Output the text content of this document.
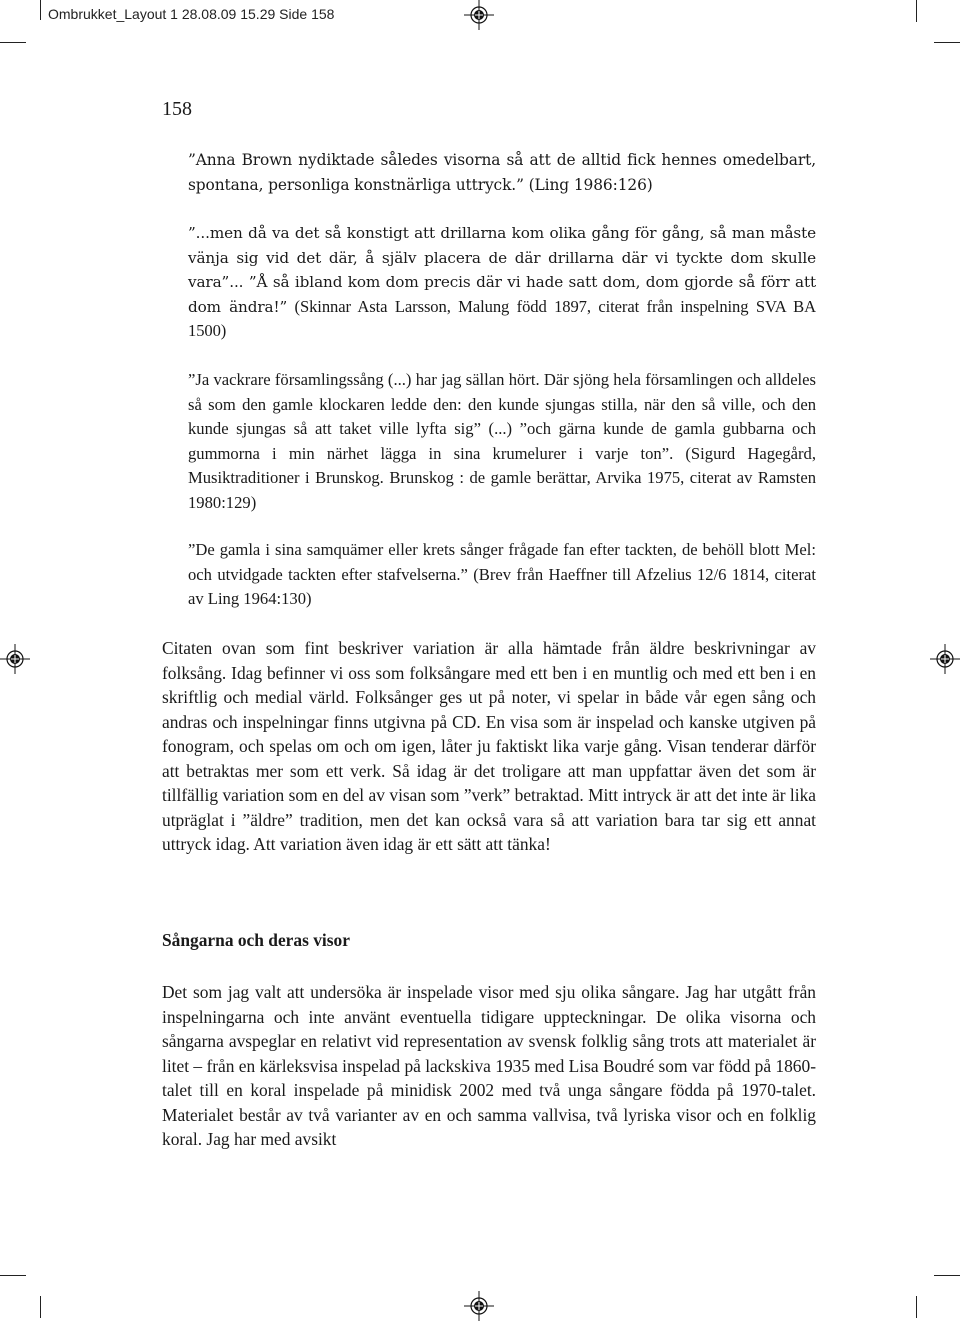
Ombrukket_Layout 1 28.08.09 15.29 Side 158
158
”Anna Brown nydiktade således visorna så att de alltid fick hennes omedelbart, spontana, personliga konstnärliga uttryck.” (Ling 1986:126)
”...men då va det så konstigt att drillarna kom olika gång för gång, så man måste vänja sig vid det där, å själv placera de där drillarna där vi tyckte dom skulle vara”... ”Å så ibland kom dom precis där vi hade satt dom, dom gjorde så förr att dom ändra!” (Skinnar Asta Larsson, Malung född 1897, citerat från inspelning SVA BA 1500)
”Ja vackrare församlingssång (...) har jag sällan hört. Där sjöng hela församlingen och alldeles så som den gamle klockaren ledde den: den kunde sjungas stilla, när den så ville, och den kunde sjungas så att taket ville lyfta sig” (...) ”och gärna kunde de gamla gubbarna och gummorna i min närhet lägga in sina krumelurer i varje ton”. (Sigurd Hagegård, Musiktraditioner i Brunskog. Brunskog : de gamle berättar, Arvika 1975, citerat av Ramsten 1980:129)
”De gamla i sina samquämer eller krets sånger frågade fan efter tackten, de behöll blott Mel: och utvidgade tackten efter stafvelserna.” (Brev från Haeffner till Afzelius 12/6 1814, citerat av Ling 1964:130)
Citaten ovan som fint beskriver variation är alla hämtade från äldre beskrivningar av folksång. Idag befinner vi oss som folksångare med ett ben i en muntlig och med ett ben i en skriftlig och medial värld. Folksånger ges ut på noter, vi spelar in både vår egen sång och andras och inspelningar finns utgivna på CD. En visa som är inspelad och kanske utgiven på fonogram, och spelas om och om igen, låter ju faktiskt lika varje gång. Visan tenderar därför att betraktas mer som ett verk. Så idag är det troligare att man uppfattar även det som är tillfällig variation som en del av visan som ”verk” betraktad. Mitt intryck är att det inte är lika utpräglat i ”äldre” tradition, men det kan också vara så att variation bara tar sig ett annat uttryck idag. Att variation även idag är ett sätt att tänka!
Sångarna och deras visor
Det som jag valt att undersöka är inspelade visor med sju olika sångare. Jag har utgått från inspelningarna och inte använt eventuella tidigare uppteckningar. De olika visorna och sångarna avspeglar en relativt vid representation av svensk folklig sång trots att materialet är litet – från en kärleksvisa inspelad på lackskiva 1935 med Lisa Boudré som var född på 1860-talet till en koral inspelade på minidisk 2002 med två unga sångare födda på 1970-talet. Materialet består av två varianter av en och samma vallvisa, två lyriska visor och en folklig koral. Jag har med avsikt
